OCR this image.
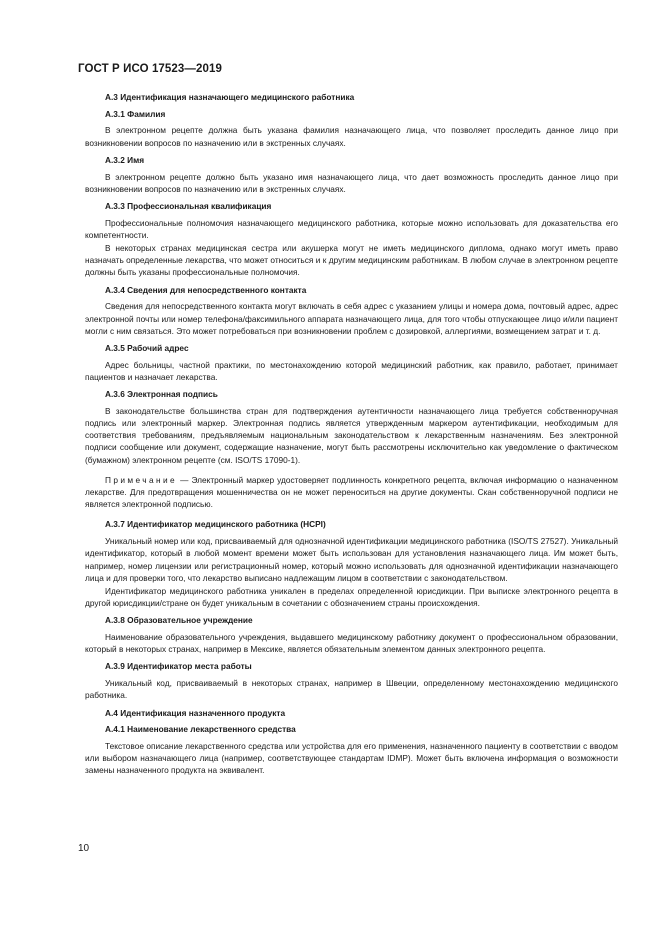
ГОСТ Р ИСО 17523—2019
А.3 Идентификация назначающего медицинского работника
А.3.1 Фамилия
В электронном рецепте должна быть указана фамилия назначающего лица, что позволяет проследить данное лицо при возникновении вопросов по назначению или в экстренных случаях.
А.3.2 Имя
В электронном рецепте должно быть указано имя назначающего лица, что дает возможность проследить данное лицо при возникновении вопросов по назначению или в экстренных случаях.
А.3.3 Профессиональная квалификация
Профессиональные полномочия назначающего медицинского работника, которые можно использовать для доказательства его компетентности.
В некоторых странах медицинская сестра или акушерка могут не иметь медицинского диплома, однако могут иметь право назначать определенные лекарства, что может относиться и к другим медицинским работникам. В любом случае в электронном рецепте должны быть указаны профессиональные полномочия.
А.3.4 Сведения для непосредственного контакта
Сведения для непосредственного контакта могут включать в себя адрес с указанием улицы и номера дома, почтовый адрес, адрес электронной почты или номер телефона/факсимильного аппарата назначающего лица, для того чтобы отпускающее лицо и/или пациент могли с ним связаться. Это может потребоваться при возникновении проблем с дозировкой, аллергиями, возмещением затрат и т. д.
А.3.5 Рабочий адрес
Адрес больницы, частной практики, по местонахождению которой медицинский работник, как правило, работает, принимает пациентов и назначает лекарства.
А.3.6 Электронная подпись
В законодательстве большинства стран для подтверждения аутентичности назначающего лица требуется собственноручная подпись или электронный маркер. Электронная подпись является утвержденным маркером аутентификации, необходимым для соответствия требованиям, предъявляемым национальным законодательством к лекарственным назначениям. Без электронной подписи сообщение или документ, содержащие назначение, могут быть рассмотрены исключительно как уведомление о фактическом (бумажном) электронном рецепте (см. ISO/TS 17090-1).
Примечание — Электронный маркер удостоверяет подлинность конкретного рецепта, включая информацию о назначенном лекарстве. Для предотвращения мошенничества он не может переноситься на другие документы. Скан собственноручной подписи не является электронной подписью.
А.3.7 Идентификатор медицинского работника (HCPI)
Уникальный номер или код, присваиваемый для однозначной идентификации медицинского работника (ISO/TS 27527). Уникальный идентификатор, который в любой момент времени может быть использован для установления назначающего лица. Им может быть, например, номер лицензии или регистрационный номер, который можно использовать для однозначной идентификации назначающего лица и для проверки того, что лекарство выписано надлежащим лицом в соответствии с законодательством.
Идентификатор медицинского работника уникален в пределах определенной юрисдикции. При выписке электронного рецепта в другой юрисдикции/стране он будет уникальным в сочетании с обозначением страны происхождения.
А.3.8 Образовательное учреждение
Наименование образовательного учреждения, выдавшего медицинскому работнику документ о профессиональном образовании, который в некоторых странах, например в Мексике, является обязательным элементом данных электронного рецепта.
А.3.9 Идентификатор места работы
Уникальный код, присваиваемый в некоторых странах, например в Швеции, определенному местонахождению медицинского работника.
А.4 Идентификация назначенного продукта
А.4.1 Наименование лекарственного средства
Текстовое описание лекарственного средства или устройства для его применения, назначенного пациенту в соответствии с вводом или выбором назначающего лица (например, соответствующее стандартам IDMP). Может быть включена информация о возможности замены назначенного продукта на эквивалент.
10
